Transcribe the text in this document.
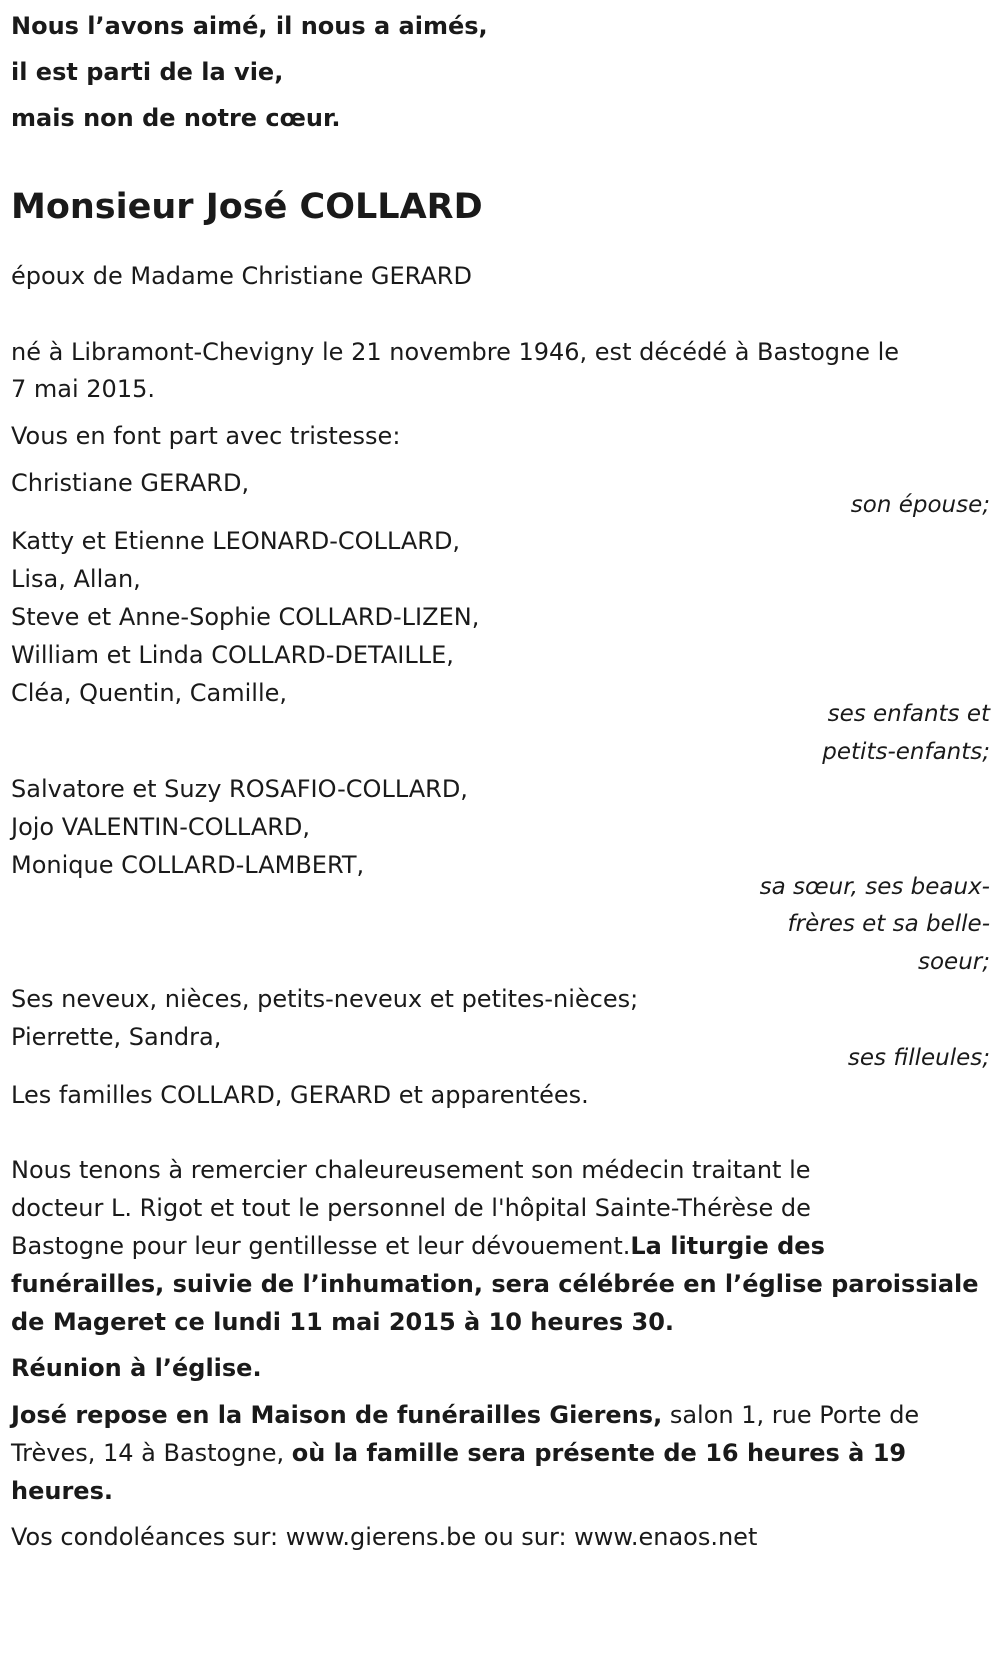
Nous l’avons aimé, il nous a aimés,
il est parti de la vie,
mais non de notre cœur.
Monsieur José COLLARD
époux de Madame Christiane GERARD
né à Libramont-Chevigny le 21 novembre 1946, est décédé à Bastogne le
7 mai 2015.
Vous en font part avec tristesse:
Christiane GERARD,
son épouse;
Katty et Etienne LEONARD-COLLARD,
Lisa, Allan,
Steve et Anne-Sophie COLLARD-LIZEN,
William et Linda COLLARD-DETAILLE,
Cléa, Quentin, Camille,
ses enfants et
petits-enfants;
Salvatore et Suzy ROSAFIO-COLLARD,
Jojo VALENTIN-COLLARD,
Monique COLLARD-LAMBERT,
sa sœur, ses beaux-
frères et sa belle-
soeur;
Ses neveux, nièces, petits-neveux et petites-nièces;
Pierrette, Sandra,
ses filleules;
Les familles COLLARD, GERARD et apparentées.
Nous tenons à remercier chaleureusement son médecin traitant le
docteur L. Rigot et tout le personnel de l'hôpital Sainte-Thérèse de
Bastogne pour leur gentillesse et leur dévouement.La liturgie des
funérailles, suivie de l’inhumation, sera célébrée en l’église paroissiale
de Mageret ce lundi 11 mai 2015 à 10 heures 30.
Réunion à l’église.
José repose en la Maison de funérailles Gierens, salon 1, rue Porte de
Trèves, 14 à Bastogne, où la famille sera présente de 16 heures à 19
heures.
Vos condoléances sur: www.gierens.be ou sur: www.enaos.net
